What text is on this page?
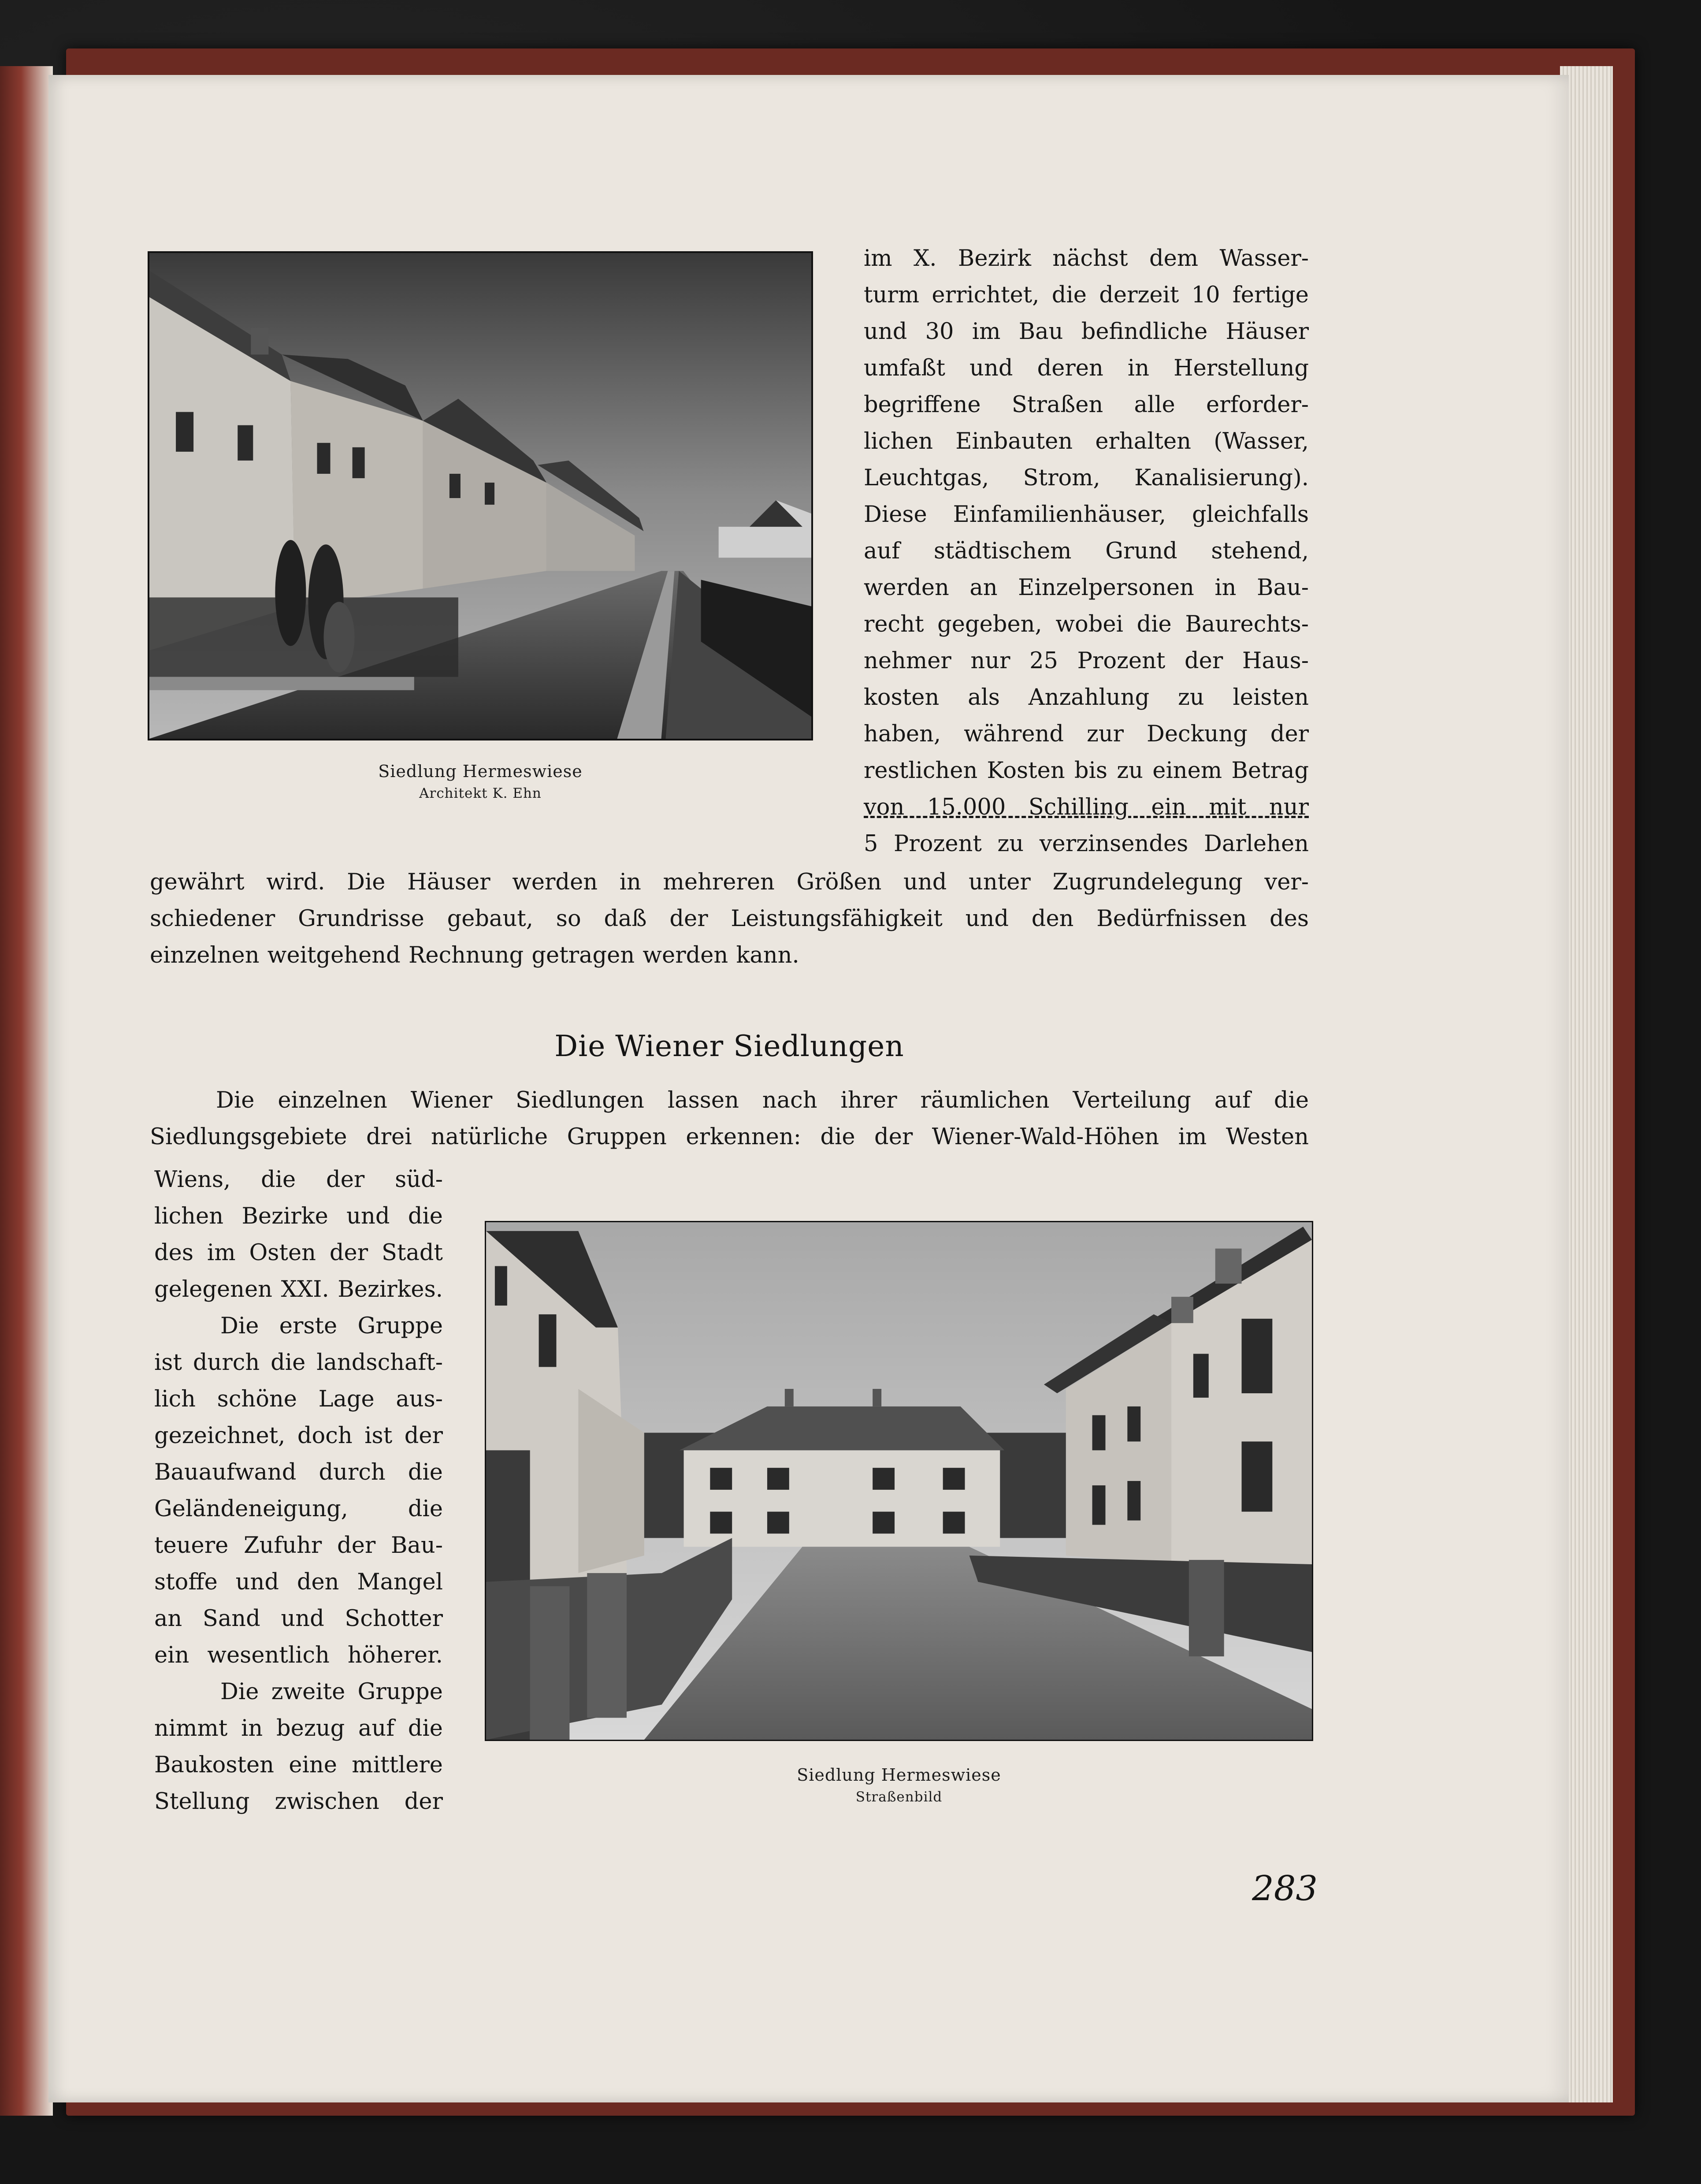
Siedlung Hermeswiese
Architekt K. Ehn
im X. Bezirk nächst dem Wasser-
turm errichtet, die derzeit 10 fertige
und 30 im Bau befindliche Häuser
umfaßt und deren in Herstellung
begriffene Straßen alle erforder-
lichen Einbauten erhalten (Wasser,
Leuchtgas, Strom, Kanalisierung).
Diese Einfamilienhäuser, gleichfalls
auf städtischem Grund stehend,
werden an Einzelpersonen in Bau-
recht gegeben, wobei die Baurechts-
nehmer nur 25 Prozent der Haus-
kosten als Anzahlung zu leisten
haben, während zur Deckung der
restlichen Kosten bis zu einem Betrag
von 15.000 Schilling ein mit nur
5 Prozent zu verzinsendes Darlehen
gewährt wird. Die Häuser werden in mehreren Größen und unter Zugrundelegung ver-
schiedener Grundrisse gebaut, so daß der Leistungsfähigkeit und den Bedürfnissen des
einzelnen weitgehend Rechnung getragen werden kann.
Die Wiener Siedlungen
Die einzelnen Wiener Siedlungen lassen nach ihrer räumlichen Verteilung auf die
Siedlungsgebiete drei natürliche Gruppen erkennen: die der Wiener-Wald-Höhen im Westen
Wiens, die der süd-
lichen Bezirke und die
des im Osten der Stadt
gelegenen XXI. Bezirkes.
Die erste Gruppe
ist durch die landschaft-
lich schöne Lage aus-
gezeichnet, doch ist der
Bauaufwand durch die
Geländeneigung, die
teuere Zufuhr der Bau-
stoffe und den Mangel
an Sand und Schotter
ein wesentlich höherer.
Die zweite Gruppe
nimmt in bezug auf die
Baukosten eine mittlere
Stellung zwischen der
Siedlung Hermeswiese
Straßenbild
283
